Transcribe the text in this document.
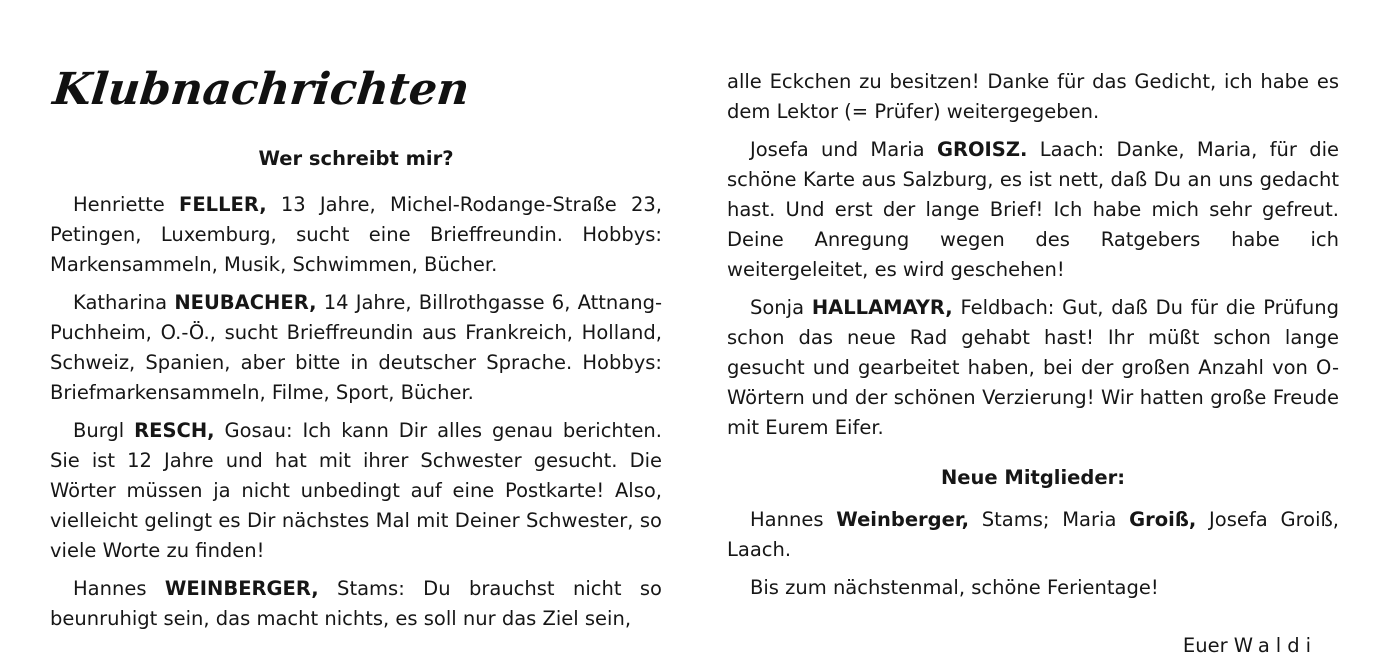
Klubnachrichten

Wer schreibt mir?

Henriette FELLER, 13 Jahre, Michel-Rodange-Straße 23, Petingen, Luxemburg, sucht eine Brieffreundin. Hobbys: Markensammeln, Musik, Schwimmen, Bücher.

Katharina NEUBACHER, 14 Jahre, Billrothgasse 6, Attnang-Puchheim, O.-Ö., sucht Brieffreundin aus Frankreich, Holland, Schweiz, Spanien, aber bitte in deutscher Sprache. Hobbys: Briefmarkensammeln, Filme, Sport, Bücher.

Burgl RESCH, Gosau: Ich kann Dir alles genau berichten. Sie ist 12 Jahre und hat mit ihrer Schwester gesucht. Die Wörter müssen ja nicht unbedingt auf eine Postkarte! Also, vielleicht gelingt es Dir nächstes Mal mit Deiner Schwester, so viele Worte zu finden!

Hannes WEINBERGER, Stams: Du brauchst nicht so beunruhigt sein, das macht nichts, es soll nur das Ziel sein,

alle Eckchen zu besitzen! Danke für das Gedicht, ich habe es dem Lektor (= Prüfer) weitergegeben.

Josefa und Maria GROISZ. Laach: Danke, Maria, für die schöne Karte aus Salzburg, es ist nett, daß Du an uns gedacht hast. Und erst der lange Brief! Ich habe mich sehr gefreut. Deine Anregung wegen des Ratgebers habe ich weitergeleitet, es wird geschehen!

Sonja HALLAMAYR, Feldbach: Gut, daß Du für die Prüfung schon das neue Rad gehabt hast! Ihr müßt schon lange gesucht und gearbeitet haben, bei der großen Anzahl von O-Wörtern und der schönen Verzierung! Wir hatten große Freude mit Eurem Eifer.

Neue Mitglieder:

Hannes Weinberger, Stams; Maria Groiß, Josefa Groiß, Laach.

Bis zum nächstenmal, schöne Ferientage!

Euer Waldi
